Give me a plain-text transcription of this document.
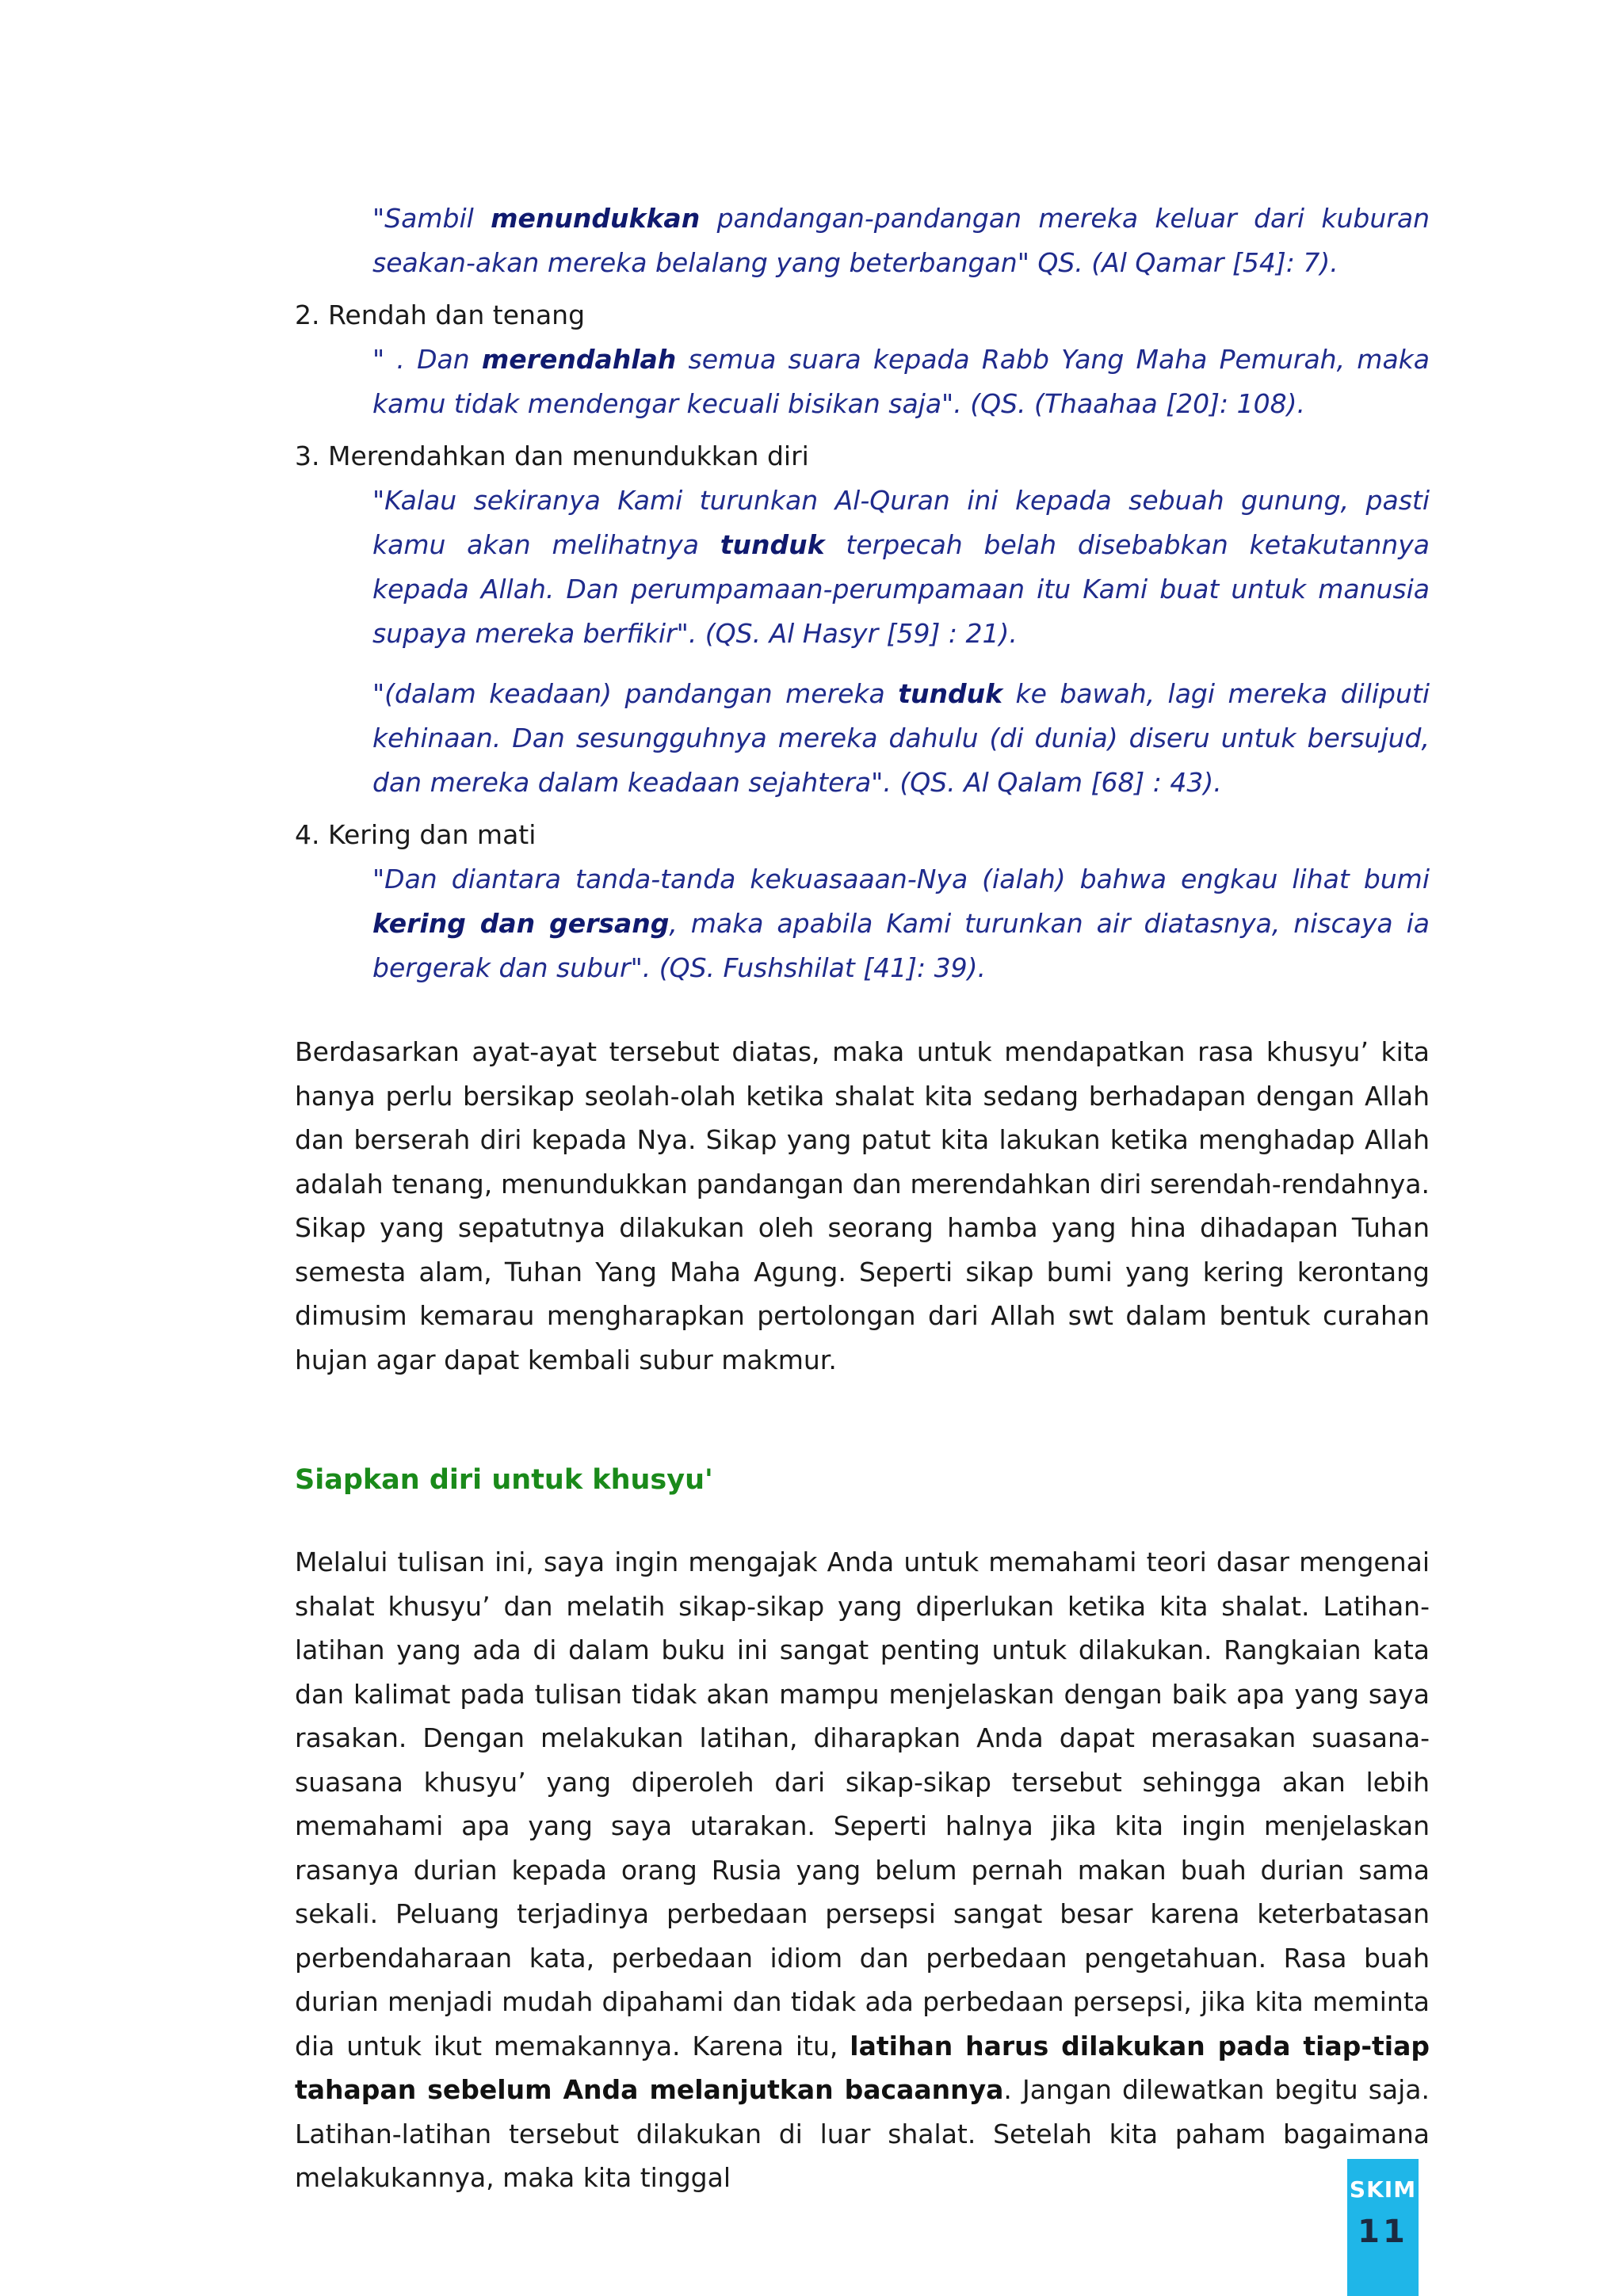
"Sambil menundukkan pandangan-pandangan mereka keluar dari kuburan seakan-akan mereka belalang yang beterbangan" QS. (Al Qamar [54]: 7).

2. Rendah dan tenang

" . Dan merendahlah semua suara kepada Rabb Yang Maha Pemurah, maka kamu tidak mendengar kecuali bisikan saja". (QS. (Thaahaa [20]: 108).

3. Merendahkan dan menundukkan diri

"Kalau sekiranya Kami turunkan Al-Quran ini kepada sebuah gunung, pasti kamu akan melihatnya tunduk terpecah belah disebabkan ketakutannya kepada Allah. Dan perumpamaan-perumpamaan itu Kami buat untuk manusia supaya mereka berfikir". (QS. Al Hasyr [59] : 21).

"(dalam keadaan) pandangan mereka tunduk ke bawah, lagi mereka diliputi kehinaan. Dan sesungguhnya mereka dahulu (di dunia) diseru untuk bersujud, dan mereka dalam keadaan sejahtera". (QS. Al Qalam [68] : 43).

4. Kering dan mati

"Dan diantara tanda-tanda kekuasaaan-Nya (ialah) bahwa engkau lihat bumi kering dan gersang, maka apabila Kami turunkan air diatasnya, niscaya ia bergerak dan subur". (QS. Fushshilat [41]: 39).

Berdasarkan ayat-ayat tersebut diatas, maka untuk mendapatkan rasa khusyu’ kita hanya perlu bersikap seolah-olah ketika shalat kita sedang berhadapan dengan Allah dan berserah diri kepada Nya. Sikap yang patut kita lakukan ketika menghadap Allah adalah tenang, menundukkan pandangan dan merendahkan diri serendah-rendahnya. Sikap yang sepatutnya dilakukan oleh seorang hamba yang hina dihadapan Tuhan semesta alam, Tuhan Yang Maha Agung. Seperti sikap bumi yang kering kerontang dimusim kemarau mengharapkan pertolongan dari Allah swt dalam bentuk curahan hujan agar dapat kembali subur makmur.

Siapkan diri untuk khusyu'

Melalui tulisan ini, saya ingin mengajak Anda untuk memahami teori dasar mengenai shalat khusyu’ dan melatih sikap-sikap yang diperlukan ketika kita shalat. Latihan-latihan yang ada di dalam buku ini sangat penting untuk dilakukan. Rangkaian kata dan kalimat pada tulisan tidak akan mampu menjelaskan dengan baik apa yang saya rasakan. Dengan melakukan latihan, diharapkan Anda dapat merasakan suasana-suasana khusyu’ yang diperoleh dari sikap-sikap tersebut sehingga akan lebih memahami apa yang saya utarakan. Seperti halnya jika kita ingin menjelaskan rasanya durian kepada orang Rusia yang belum pernah makan buah durian sama sekali. Peluang terjadinya perbedaan persepsi sangat besar karena keterbatasan perbendaharaan kata, perbedaan idiom dan perbedaan pengetahuan. Rasa buah durian menjadi mudah dipahami dan tidak ada perbedaan persepsi, jika kita meminta dia untuk ikut memakannya. Karena itu, latihan harus dilakukan pada tiap-tiap tahapan sebelum Anda melanjutkan bacaannya. Jangan dilewatkan begitu saja. Latihan-latihan tersebut dilakukan di luar shalat. Setelah kita paham bagaimana melakukannya, maka kita tinggal	SKIM
11
